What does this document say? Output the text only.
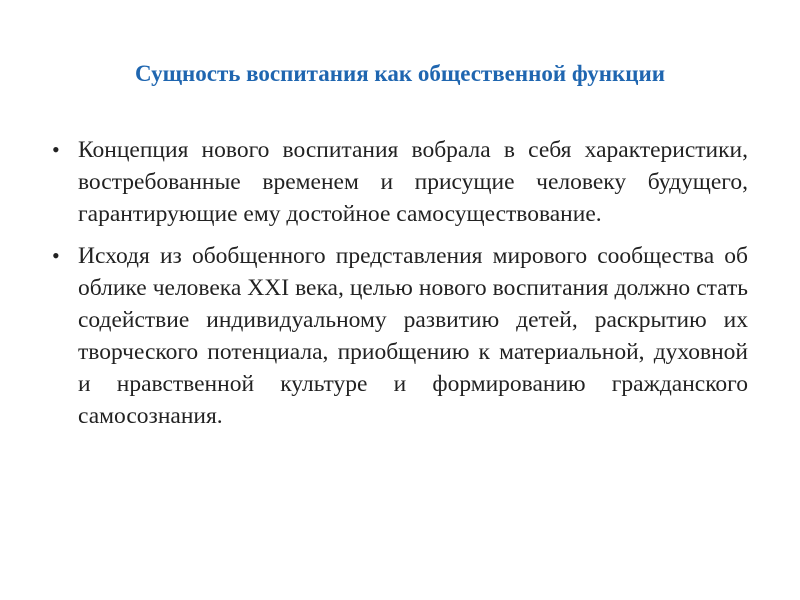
Сущность воспитания как общественной функции
• Концепция нового воспитания вобрала в себя характеристики, востребованные временем и присущие человеку будущего, гарантирующие ему достойное самосуществование.
• Исходя из обобщенного представления мирового сообщества об облике человека XXI века, целью нового воспитания должно стать содействие индивидуальному развитию детей, раскрытию их творческого потенциала, приобщению к материальной, духовной и нравственной культуре и формированию гражданского самосознания.
